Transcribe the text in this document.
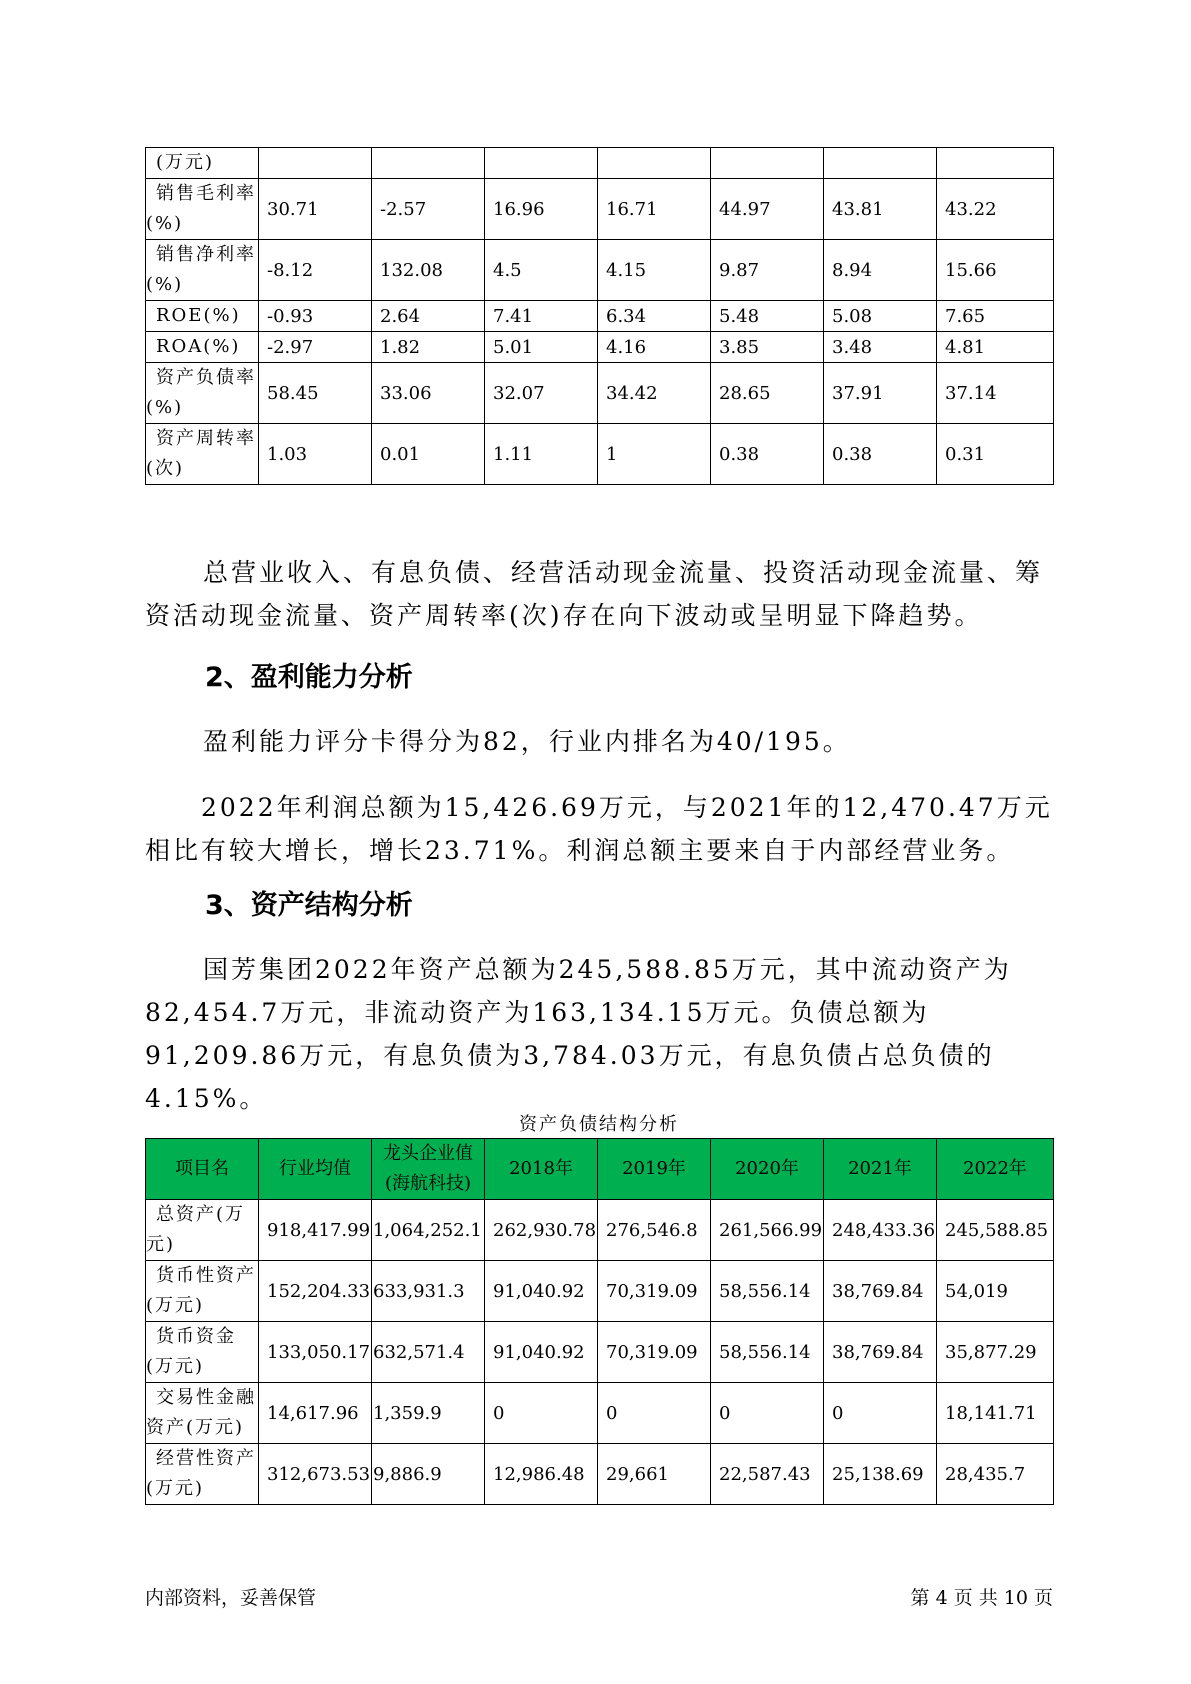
(万元)							

销售毛利率
(%)	30.71	-2.57	16.96	16.71	44.97	43.81	43.22

销售净利率
(%)	-8.12	132.08	4.5	4.15	9.87	8.94	15.66

ROE(%)	-0.93	2.64	7.41	6.34	5.48	5.08	7.65

ROA(%)	-2.97	1.82	5.01	4.16	3.85	3.48	4.81

资产负债率
(%)	58.45	33.06	32.07	34.42	28.65	37.91	37.14

资产周转率
(次)	1.03	0.01	1.11	1	0.38	0.38	0.31

总营业收入、有息负债、经营活动现金流量、投资活动现金流量、筹资活动现金流量、资产周转率(次)存在向下波动或呈明显下降趋势。

2、盈利能力分析

盈利能力评分卡得分为82，行业内排名为40/195。

2022年利润总额为15,426.69万元，与2021年的12,470.47万元相比有较大增长，增长23.71%。利润总额主要来自于内部经营业务。

3、资产结构分析

国芳集团2022年资产总额为245,588.85万元，其中流动资产为82,454.7万元，非流动资产为163,134.15万元。负债总额为91,209.86万元，有息负债为3,784.03万元，有息负债占总负债的4.15%。

资产负债结构分析

项目名	行业均值	龙头企业值(海航科技)	2018年	2019年	2020年	2021年	2022年

总资产(万
元)	918,417.99	1,064,252.1	262,930.78	276,546.8	261,566.99	248,433.36	245,588.85

货币性资产
(万元)	152,204.33	633,931.3	91,040.92	70,319.09	58,556.14	38,769.84	54,019

货币资金
(万元)	133,050.17	632,571.4	91,040.92	70,319.09	58,556.14	38,769.84	35,877.29

交易性金融
资产(万元)	14,617.96	1,359.9	0	0	0	0	18,141.71

经营性资产
(万元)	312,673.53	9,886.9	12,986.48	29,661	22,587.43	25,138.69	28,435.7

内部资料，妥善保管	第 4 页 共 10 页
